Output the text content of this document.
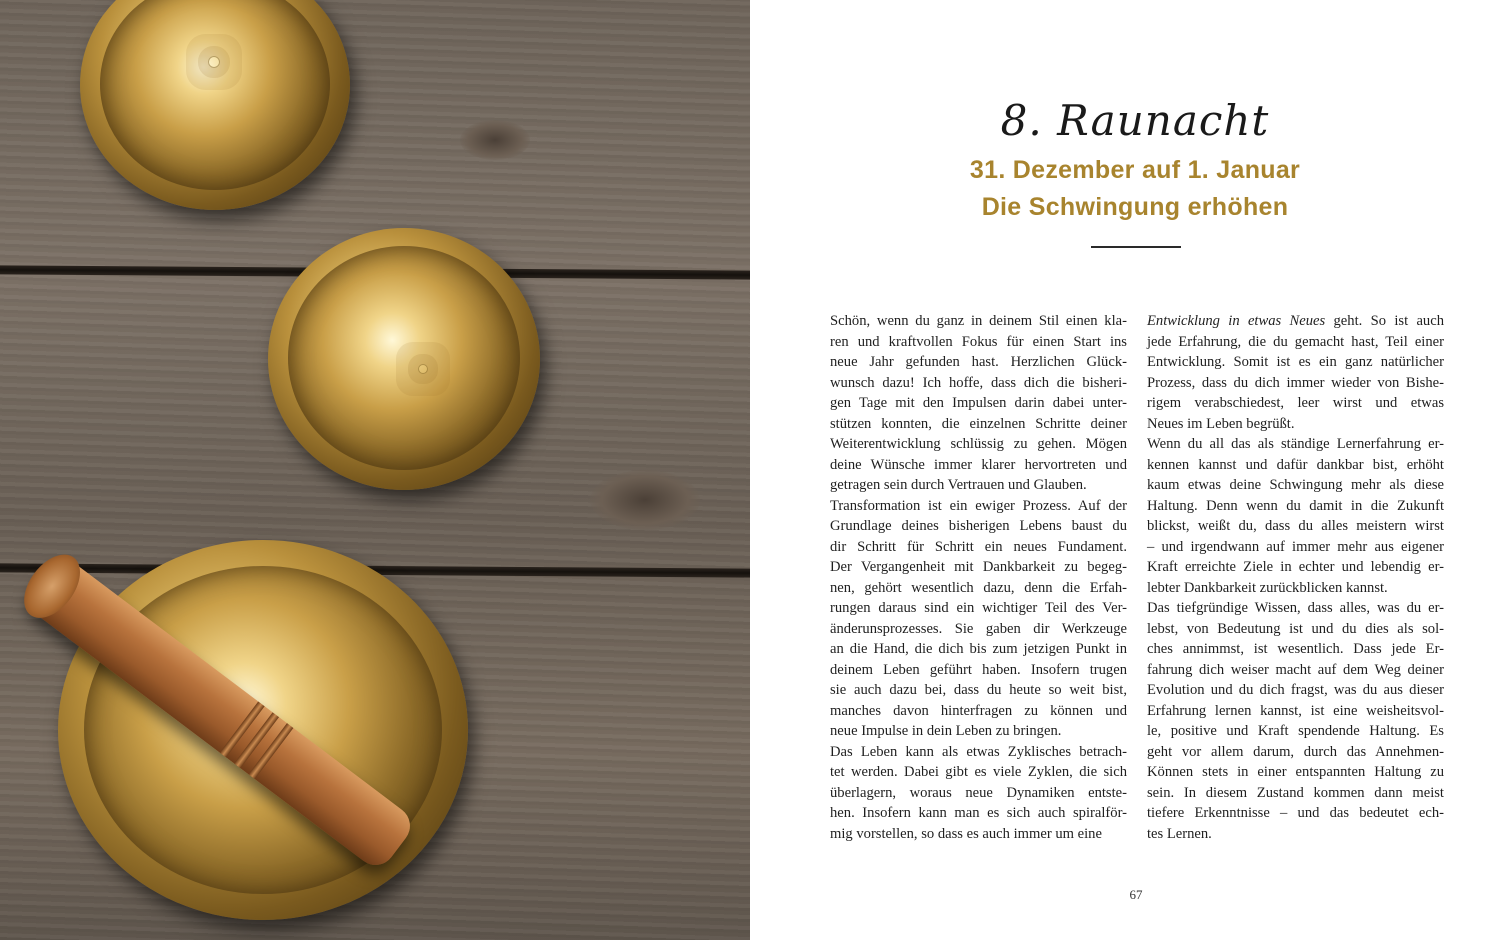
8. Raunacht
31. Dezember auf 1. Januar
Die Schwingung erhöhen
Schön, wenn du ganz in deinem Stil einen kla-
ren und kraftvollen Fokus für einen Start ins
neue Jahr gefunden hast. Herzlichen Glück-
wunsch dazu! Ich hoffe, dass dich die bisheri-
gen Tage mit den Impulsen darin dabei unter-
stützen konnten, die einzelnen Schritte deiner
Weiterentwicklung schlüssig zu gehen. Mögen
deine Wünsche immer klarer hervortreten und
getragen sein durch Vertrauen und Glauben.
Transformation ist ein ewiger Prozess. Auf der
Grundlage deines bisherigen Lebens baust du
dir Schritt für Schritt ein neues Fundament.
Der Vergangenheit mit Dankbarkeit zu begeg-
nen, gehört wesentlich dazu, denn die Erfah-
rungen daraus sind ein wichtiger Teil des Ver-
änderunsprozesses. Sie gaben dir Werkzeuge
an die Hand, die dich bis zum jetzigen Punkt in
deinem Leben geführt haben. Insofern trugen
sie auch dazu bei, dass du heute so weit bist,
manches davon hinterfragen zu können und
neue Impulse in dein Leben zu bringen.
Das Leben kann als etwas Zyklisches betrach-
tet werden. Dabei gibt es viele Zyklen, die sich
überlagern, woraus neue Dynamiken entste-
hen. Insofern kann man es sich auch spiralför-
mig vorstellen, so dass es auch immer um eine
Entwicklung in etwas Neues geht. So ist auch
jede Erfahrung, die du gemacht hast, Teil einer
Entwicklung. Somit ist es ein ganz natürlicher
Prozess, dass du dich immer wieder von Bishe-
rigem verabschiedest, leer wirst und etwas
Neues im Leben begrüßt.
Wenn du all das als ständige Lernerfahrung er-
kennen kannst und dafür dankbar bist, erhöht
kaum etwas deine Schwingung mehr als diese
Haltung. Denn wenn du damit in die Zukunft
blickst, weißt du, dass du alles meistern wirst
– und irgendwann auf immer mehr aus eigener
Kraft erreichte Ziele in echter und lebendig er-
lebter Dankbarkeit zurückblicken kannst.
Das tiefgründige Wissen, dass alles, was du er-
lebst, von Bedeutung ist und du dies als sol-
ches annimmst, ist wesentlich. Dass jede Er-
fahrung dich weiser macht auf dem Weg deiner
Evolution und du dich fragst, was du aus dieser
Erfahrung lernen kannst, ist eine weisheitsvol-
le, positive und Kraft spendende Haltung. Es
geht vor allem darum, durch das Annehmen-
Können stets in einer entspannten Haltung zu
sein. In diesem Zustand kommen dann meist
tiefere Erkenntnisse – und das bedeutet ech-
tes Lernen.
67
